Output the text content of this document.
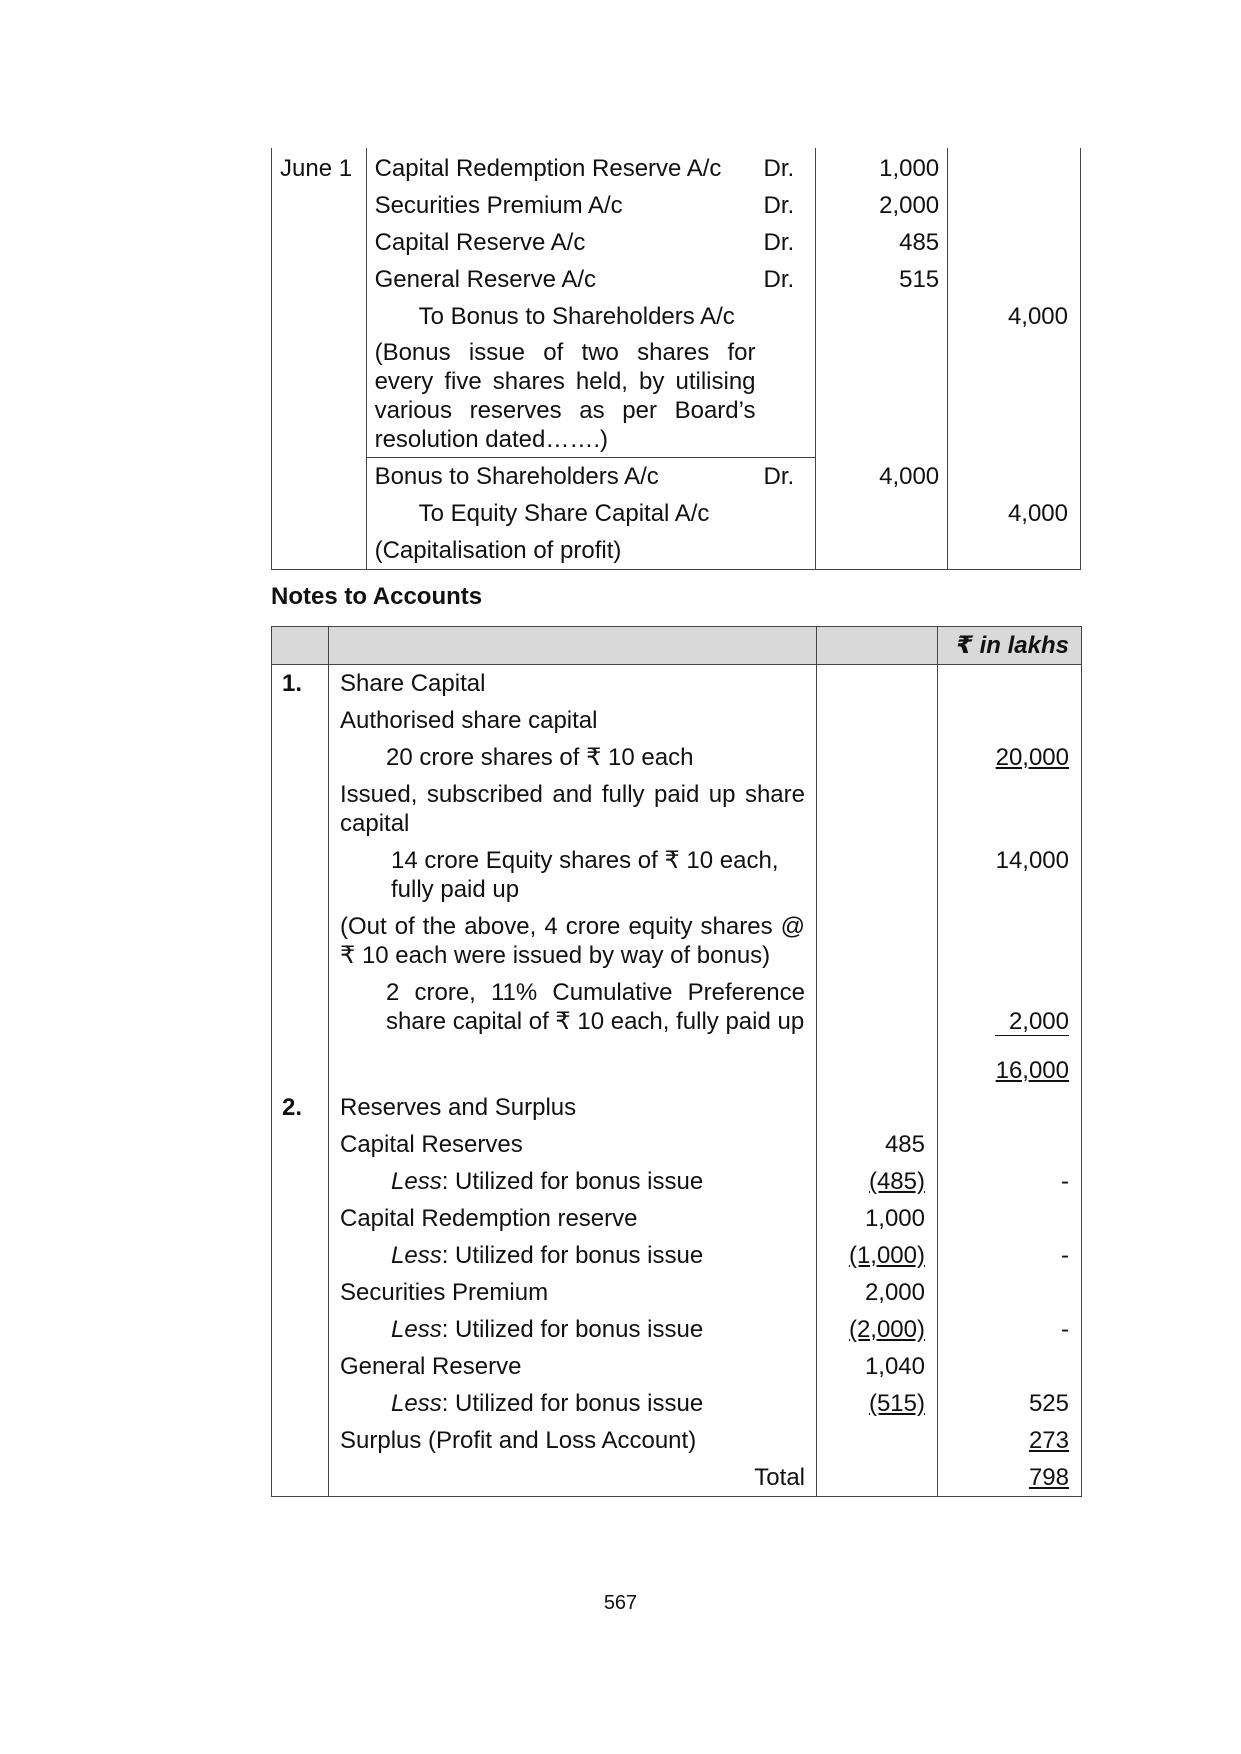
June 1	Capital Redemption Reserve A/c	Dr.	1,000	
	Securities Premium A/c	Dr.	2,000	
	Capital Reserve A/c	Dr.	485	
	General Reserve A/c	Dr.	515	
	To Bonus to Shareholders A/c			4,000
	(Bonus issue of two shares for every five shares held, by utilising various reserves as per Board’s resolution dated…….)			
	Bonus to Shareholders A/c	Dr.	4,000	
	To Equity Share Capital A/c			4,000
	(Capitalisation of profit)			
Notes to Accounts
			₹ in lakhs
1.	Share Capital		
	Authorised share capital		
	20 crore shares of ₹ 10 each		20,000
	Issued, subscribed and fully paid up share capital		
	14 crore Equity shares of ₹ 10 each, fully paid up		14,000
	(Out of the above, 4 crore equity shares @ ₹ 10 each were issued by way of bonus)		
	2 crore, 11% Cumulative Preference share capital of ₹ 10 each, fully paid up		2,000
			16,000
2.	Reserves and Surplus		
	Capital Reserves	485	
	Less: Utilized for bonus issue	(485)	-
	Capital Redemption reserve	1,000	
	Less: Utilized for bonus issue	(1,000)	-
	Securities Premium	2,000	
	Less: Utilized for bonus issue	(2,000)	-
	General Reserve	1,040	
	Less: Utilized for bonus issue	(515)	525
	Surplus (Profit and Loss Account)		273
	Total		798
567
